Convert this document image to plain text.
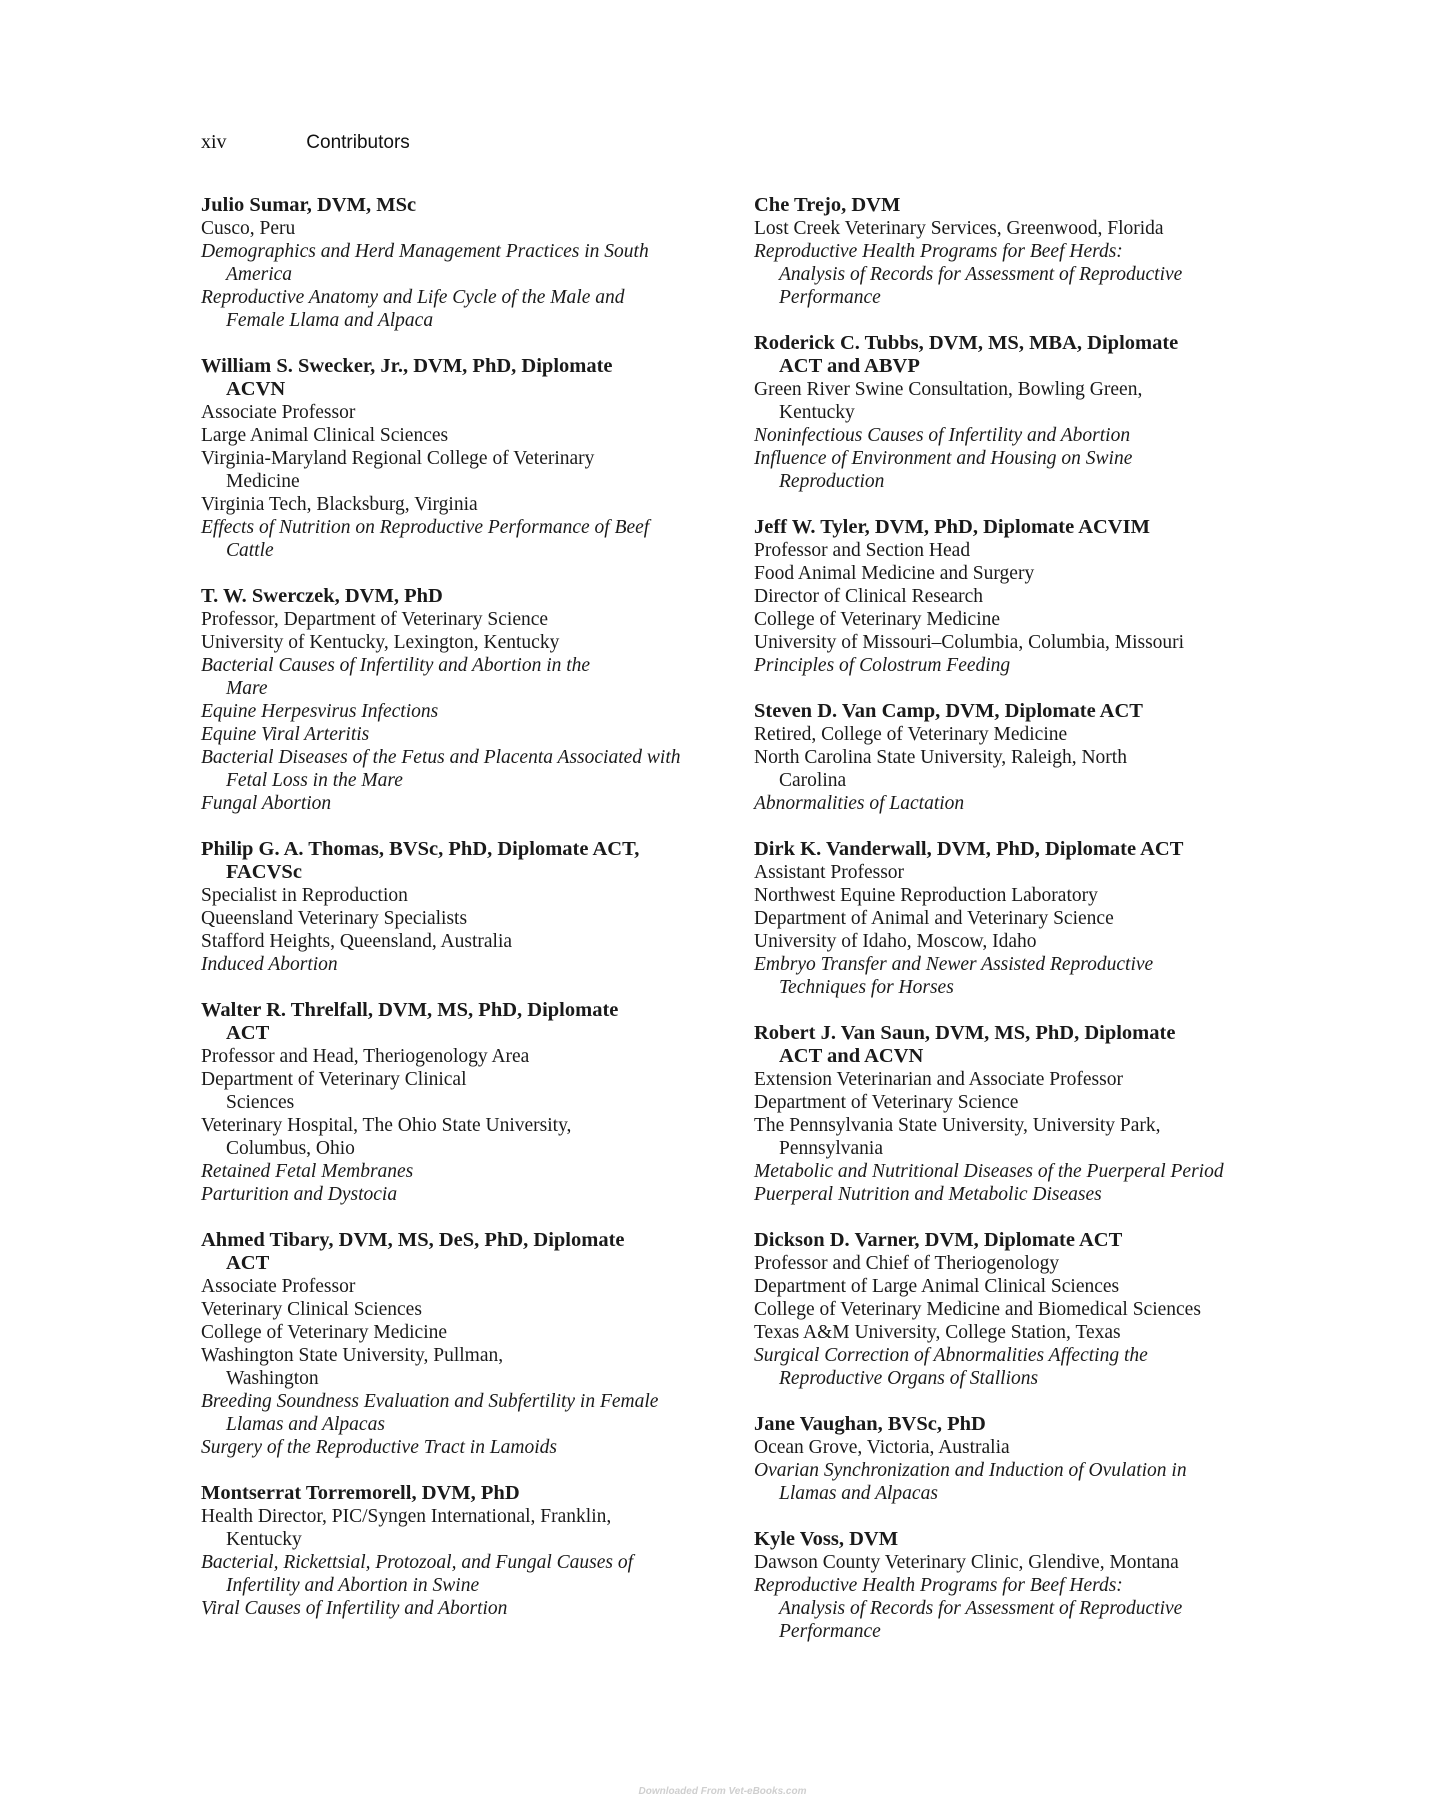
xiv	Contributors
Julio Sumar, DVM, MSc
Cusco, Peru
Demographics and Herd Management Practices in South
America
Reproductive Anatomy and Life Cycle of the Male and
Female Llama and Alpaca
William S. Swecker, Jr., DVM, PhD, Diplomate
ACVN
Associate Professor
Large Animal Clinical Sciences
Virginia-Maryland Regional College of Veterinary
Medicine
Virginia Tech, Blacksburg, Virginia
Effects of Nutrition on Reproductive Performance of Beef
Cattle
T. W. Swerczek, DVM, PhD
Professor, Department of Veterinary Science
University of Kentucky, Lexington, Kentucky
Bacterial Causes of Infertility and Abortion in the
Mare
Equine Herpesvirus Infections
Equine Viral Arteritis
Bacterial Diseases of the Fetus and Placenta Associated with
Fetal Loss in the Mare
Fungal Abortion
Philip G. A. Thomas, BVSc, PhD, Diplomate ACT,
FACVSc
Specialist in Reproduction
Queensland Veterinary Specialists
Stafford Heights, Queensland, Australia
Induced Abortion
Walter R. Threlfall, DVM, MS, PhD, Diplomate
ACT
Professor and Head, Theriogenology Area
Department of Veterinary Clinical
Sciences
Veterinary Hospital, The Ohio State University,
Columbus, Ohio
Retained Fetal Membranes
Parturition and Dystocia
Ahmed Tibary, DVM, MS, DeS, PhD, Diplomate
ACT
Associate Professor
Veterinary Clinical Sciences
College of Veterinary Medicine
Washington State University, Pullman,
Washington
Breeding Soundness Evaluation and Subfertility in Female
Llamas and Alpacas
Surgery of the Reproductive Tract in Lamoids
Montserrat Torremorell, DVM, PhD
Health Director, PIC/Syngen International, Franklin,
Kentucky
Bacterial, Rickettsial, Protozoal, and Fungal Causes of
Infertility and Abortion in Swine
Viral Causes of Infertility and Abortion
Che Trejo, DVM
Lost Creek Veterinary Services, Greenwood, Florida
Reproductive Health Programs for Beef Herds:
Analysis of Records for Assessment of Reproductive
Performance
Roderick C. Tubbs, DVM, MS, MBA, Diplomate
ACT and ABVP
Green River Swine Consultation, Bowling Green,
Kentucky
Noninfectious Causes of Infertility and Abortion
Influence of Environment and Housing on Swine
Reproduction
Jeff W. Tyler, DVM, PhD, Diplomate ACVIM
Professor and Section Head
Food Animal Medicine and Surgery
Director of Clinical Research
College of Veterinary Medicine
University of Missouri–Columbia, Columbia, Missouri
Principles of Colostrum Feeding
Steven D. Van Camp, DVM, Diplomate ACT
Retired, College of Veterinary Medicine
North Carolina State University, Raleigh, North
Carolina
Abnormalities of Lactation
Dirk K. Vanderwall, DVM, PhD, Diplomate ACT
Assistant Professor
Northwest Equine Reproduction Laboratory
Department of Animal and Veterinary Science
University of Idaho, Moscow, Idaho
Embryo Transfer and Newer Assisted Reproductive
Techniques for Horses
Robert J. Van Saun, DVM, MS, PhD, Diplomate
ACT and ACVN
Extension Veterinarian and Associate Professor
Department of Veterinary Science
The Pennsylvania State University, University Park,
Pennsylvania
Metabolic and Nutritional Diseases of the Puerperal Period
Puerperal Nutrition and Metabolic Diseases
Dickson D. Varner, DVM, Diplomate ACT
Professor and Chief of Theriogenology
Department of Large Animal Clinical Sciences
College of Veterinary Medicine and Biomedical Sciences
Texas A&M University, College Station, Texas
Surgical Correction of Abnormalities Affecting the
Reproductive Organs of Stallions
Jane Vaughan, BVSc, PhD
Ocean Grove, Victoria, Australia
Ovarian Synchronization and Induction of Ovulation in
Llamas and Alpacas
Kyle Voss, DVM
Dawson County Veterinary Clinic, Glendive, Montana
Reproductive Health Programs for Beef Herds:
Analysis of Records for Assessment of Reproductive
Performance
Downloaded From Vet-eBooks.com
